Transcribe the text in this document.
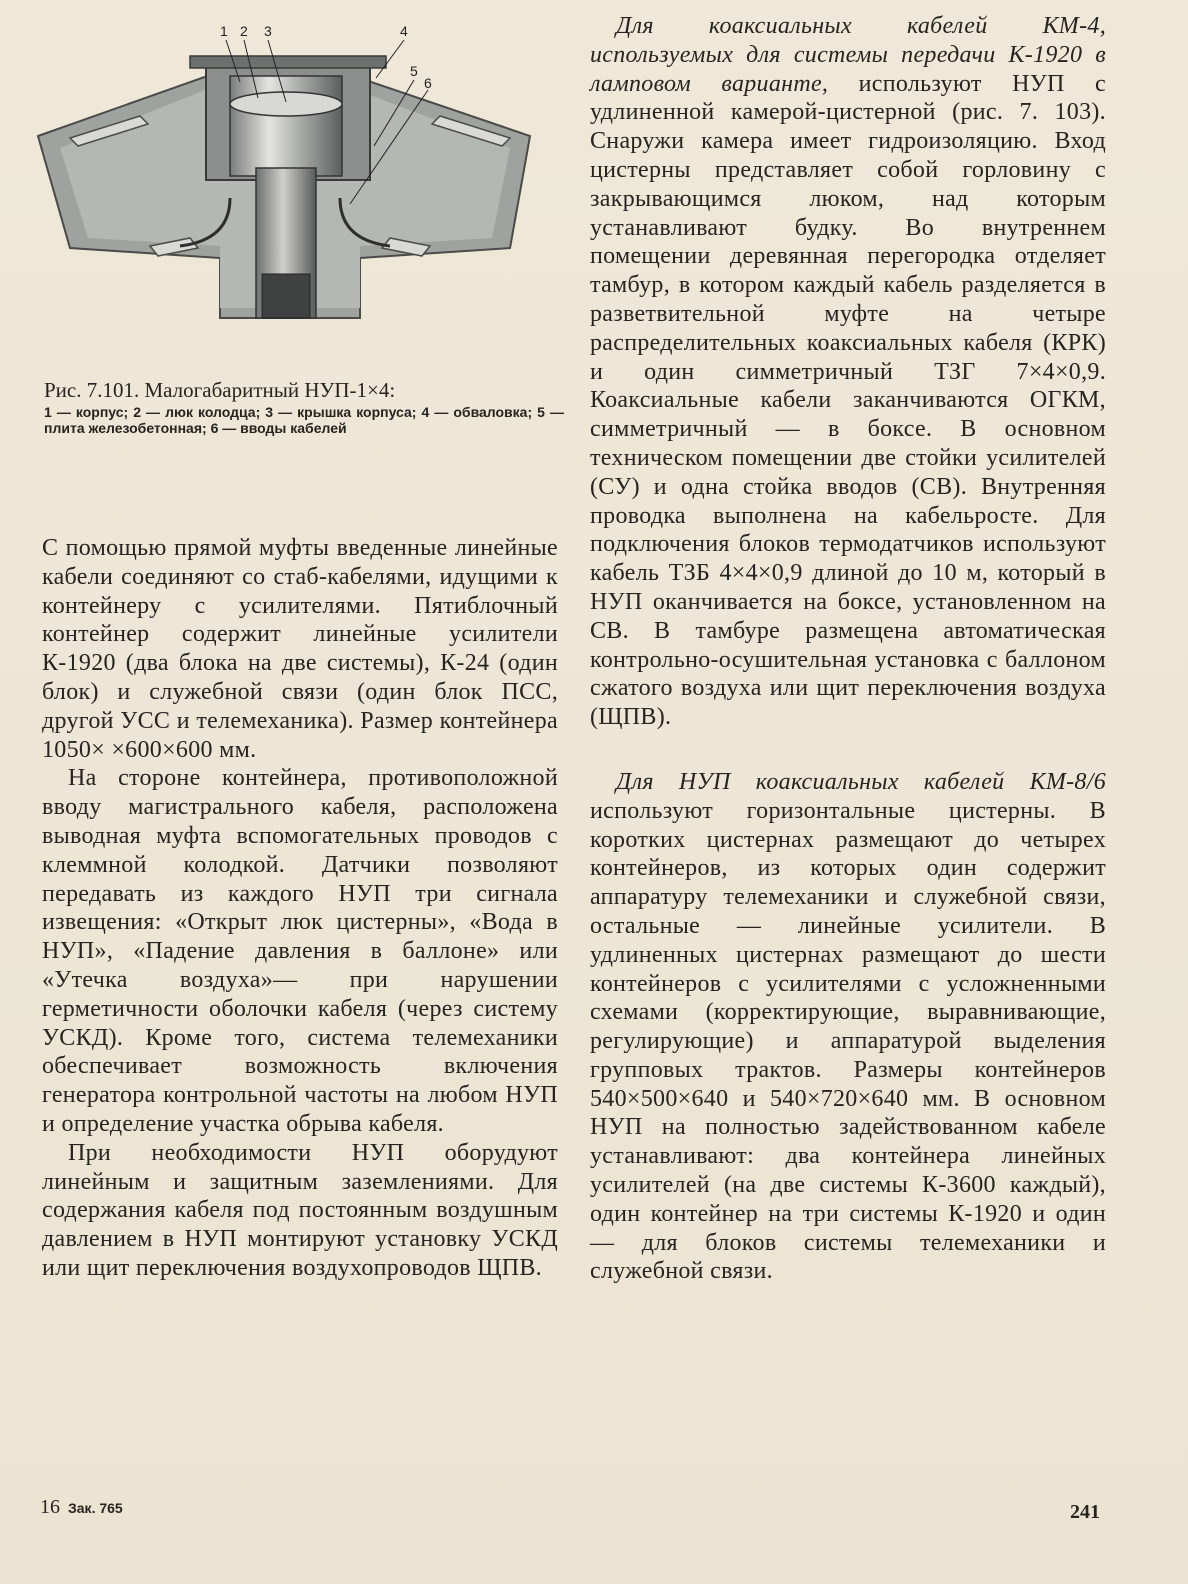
1 2 3	4
5
6

Рис. 7.101. Малогабаритный НУП-1×4:

1 — корпус; 2 — люк колодца; 3 — крышка корпуса; 4 — обваловка; 5 — плита железобетонная; 6 — вводы кабелей

С помощью прямой муфты введенные линейные кабели соединяют со стаб-кабелями, идущими к контейнеру с усилителями. Пятиблочный контейнер содержит линейные усилители К-1920 (два блока на две системы), К-24 (один блок) и служебной связи (один блок ПСС, другой УСС и телемеханика). Размер контейнера 1050× ×600×600 мм.

На стороне контейнера, противоположной вводу магистрального кабеля, расположена выводная муфта вспомогательных проводов с клеммной колодкой. Датчики позволяют передавать из каждого НУП три сигнала извещения: «Открыт люк цистерны», «Вода в НУП», «Падение давления в баллоне» или «Утечка воздуха»— при нарушении герметичности оболочки кабеля (через систему УСКД). Кроме того, система телемеханики обеспечивает возможность включения генератора контрольной частоты на любом НУП и определение участка обрыва кабеля.

При необходимости НУП оборудуют линейным и защитным заземлениями. Для содержания кабеля под постоянным воздушным давлением в НУП монтируют установку УСКД или щит переключения воздухопроводов ЩПВ.

Для коаксиальных кабелей КМ-4, используемых для системы передачи К-1920 в ламповом варианте, используют НУП с удлиненной камерой-цистерной (рис. 7. 103). Снаружи камера имеет гидроизоляцию. Вход цистерны представляет собой горловину с закрывающимся люком, над которым устанавливают будку. Во внутреннем помещении деревянная перегородка отделяет тамбур, в котором каждый кабель разделяется в разветвительной муфте на четыре распределительных коаксиальных кабеля (КРК) и один симметричный ТЗГ 7×4×0,9. Коаксиальные кабели заканчиваются ОГКМ, симметричный — в боксе. В основном техническом помещении две стойки усилителей (СУ) и одна стойка вводов (СВ). Внутренняя проводка выполнена на кабельросте. Для подключения блоков термодатчиков используют кабель ТЗБ 4×4×0,9 длиной до 10 м, который в НУП оканчивается на боксе, установленном на СВ. В тамбуре размещена автоматическая контрольно-осушительная установка с баллоном сжатого воздуха или щит переключения воздуха (ЩПВ).

Для НУП коаксиальных кабелей КМ-8/6 используют горизонтальные цистерны. В коротких цистернах размещают до четырех контейнеров, из которых один содержит аппаратуру телемеханики и служебной связи, остальные — линейные усилители. В удлиненных цистернах размещают до шести контейнеров с усилителями с усложненными схемами (корректирующие, выравнивающие, регулирующие) и аппаратурой выделения групповых трактов. Размеры контейнеров 540×500×640 и 540×720×640 мм. В основном НУП на полностью задействованном кабеле устанавливают: два контейнера линейных усилителей (на две системы К-3600 каждый), один контейнер на три системы К-1920 и один — для блоков системы телемеханики и служебной связи.

16 Зак. 765	241
